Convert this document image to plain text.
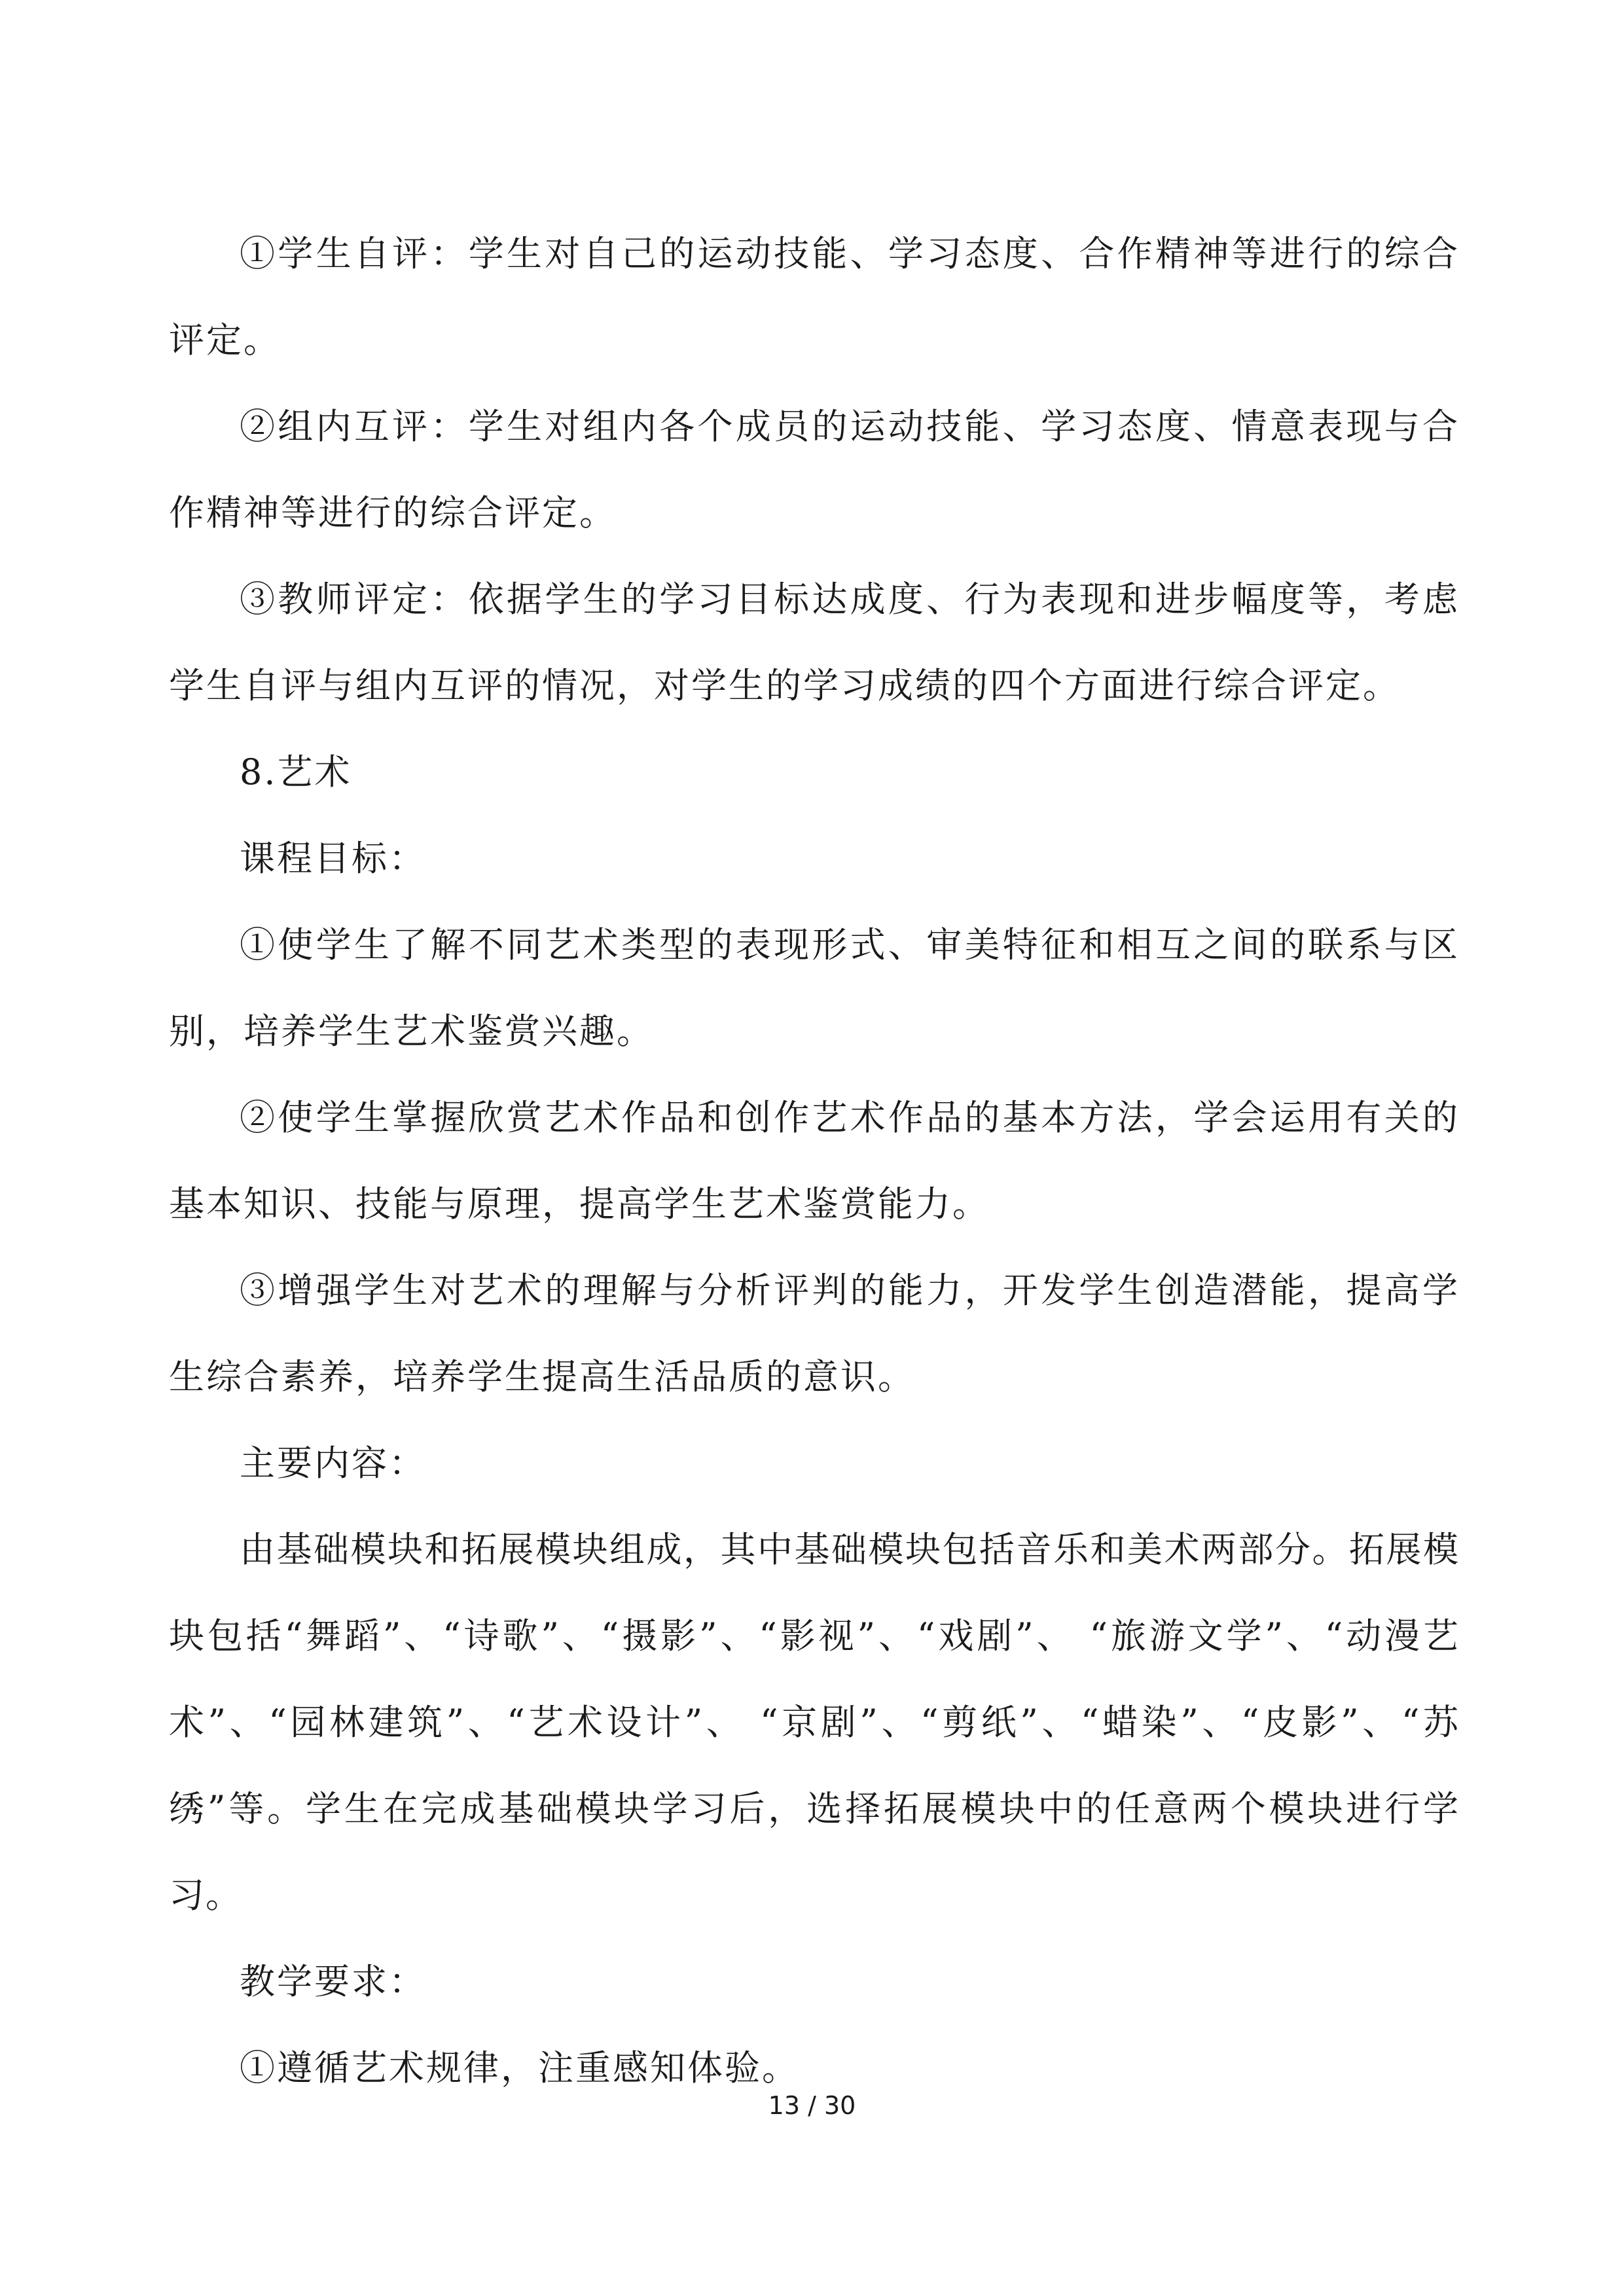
①学生自评：学生对自己的运动技能、学习态度、合作精神等进行的综合评定。

②组内互评：学生对组内各个成员的运动技能、学习态度、情意表现与合作精神等进行的综合评定。

③教师评定：依据学生的学习目标达成度、行为表现和进步幅度等，考虑学生自评与组内互评的情况，对学生的学习成绩的四个方面进行综合评定。

8.艺术

课程目标：

①使学生了解不同艺术类型的表现形式、审美特征和相互之间的联系与区别，培养学生艺术鉴赏兴趣。

②使学生掌握欣赏艺术作品和创作艺术作品的基本方法，学会运用有关的基本知识、技能与原理，提高学生艺术鉴赏能力。

③增强学生对艺术的理解与分析评判的能力，开发学生创造潜能，提高学生综合素养，培养学生提高生活品质的意识。

主要内容：

由基础模块和拓展模块组成，其中基础模块包括音乐和美术两部分。拓展模块包括“舞蹈”、“诗歌”、“摄影”、“影视”、“戏剧”、 “旅游文学”、“动漫艺术”、“园林建筑”、“艺术设计”、 “京剧”、“剪纸”、“蜡染”、“皮影”、“苏绣”等。学生在完成基础模块学习后，选择拓展模块中的任意两个模块进行学习。

教学要求：

①遵循艺术规律，注重感知体验。

13 / 30
